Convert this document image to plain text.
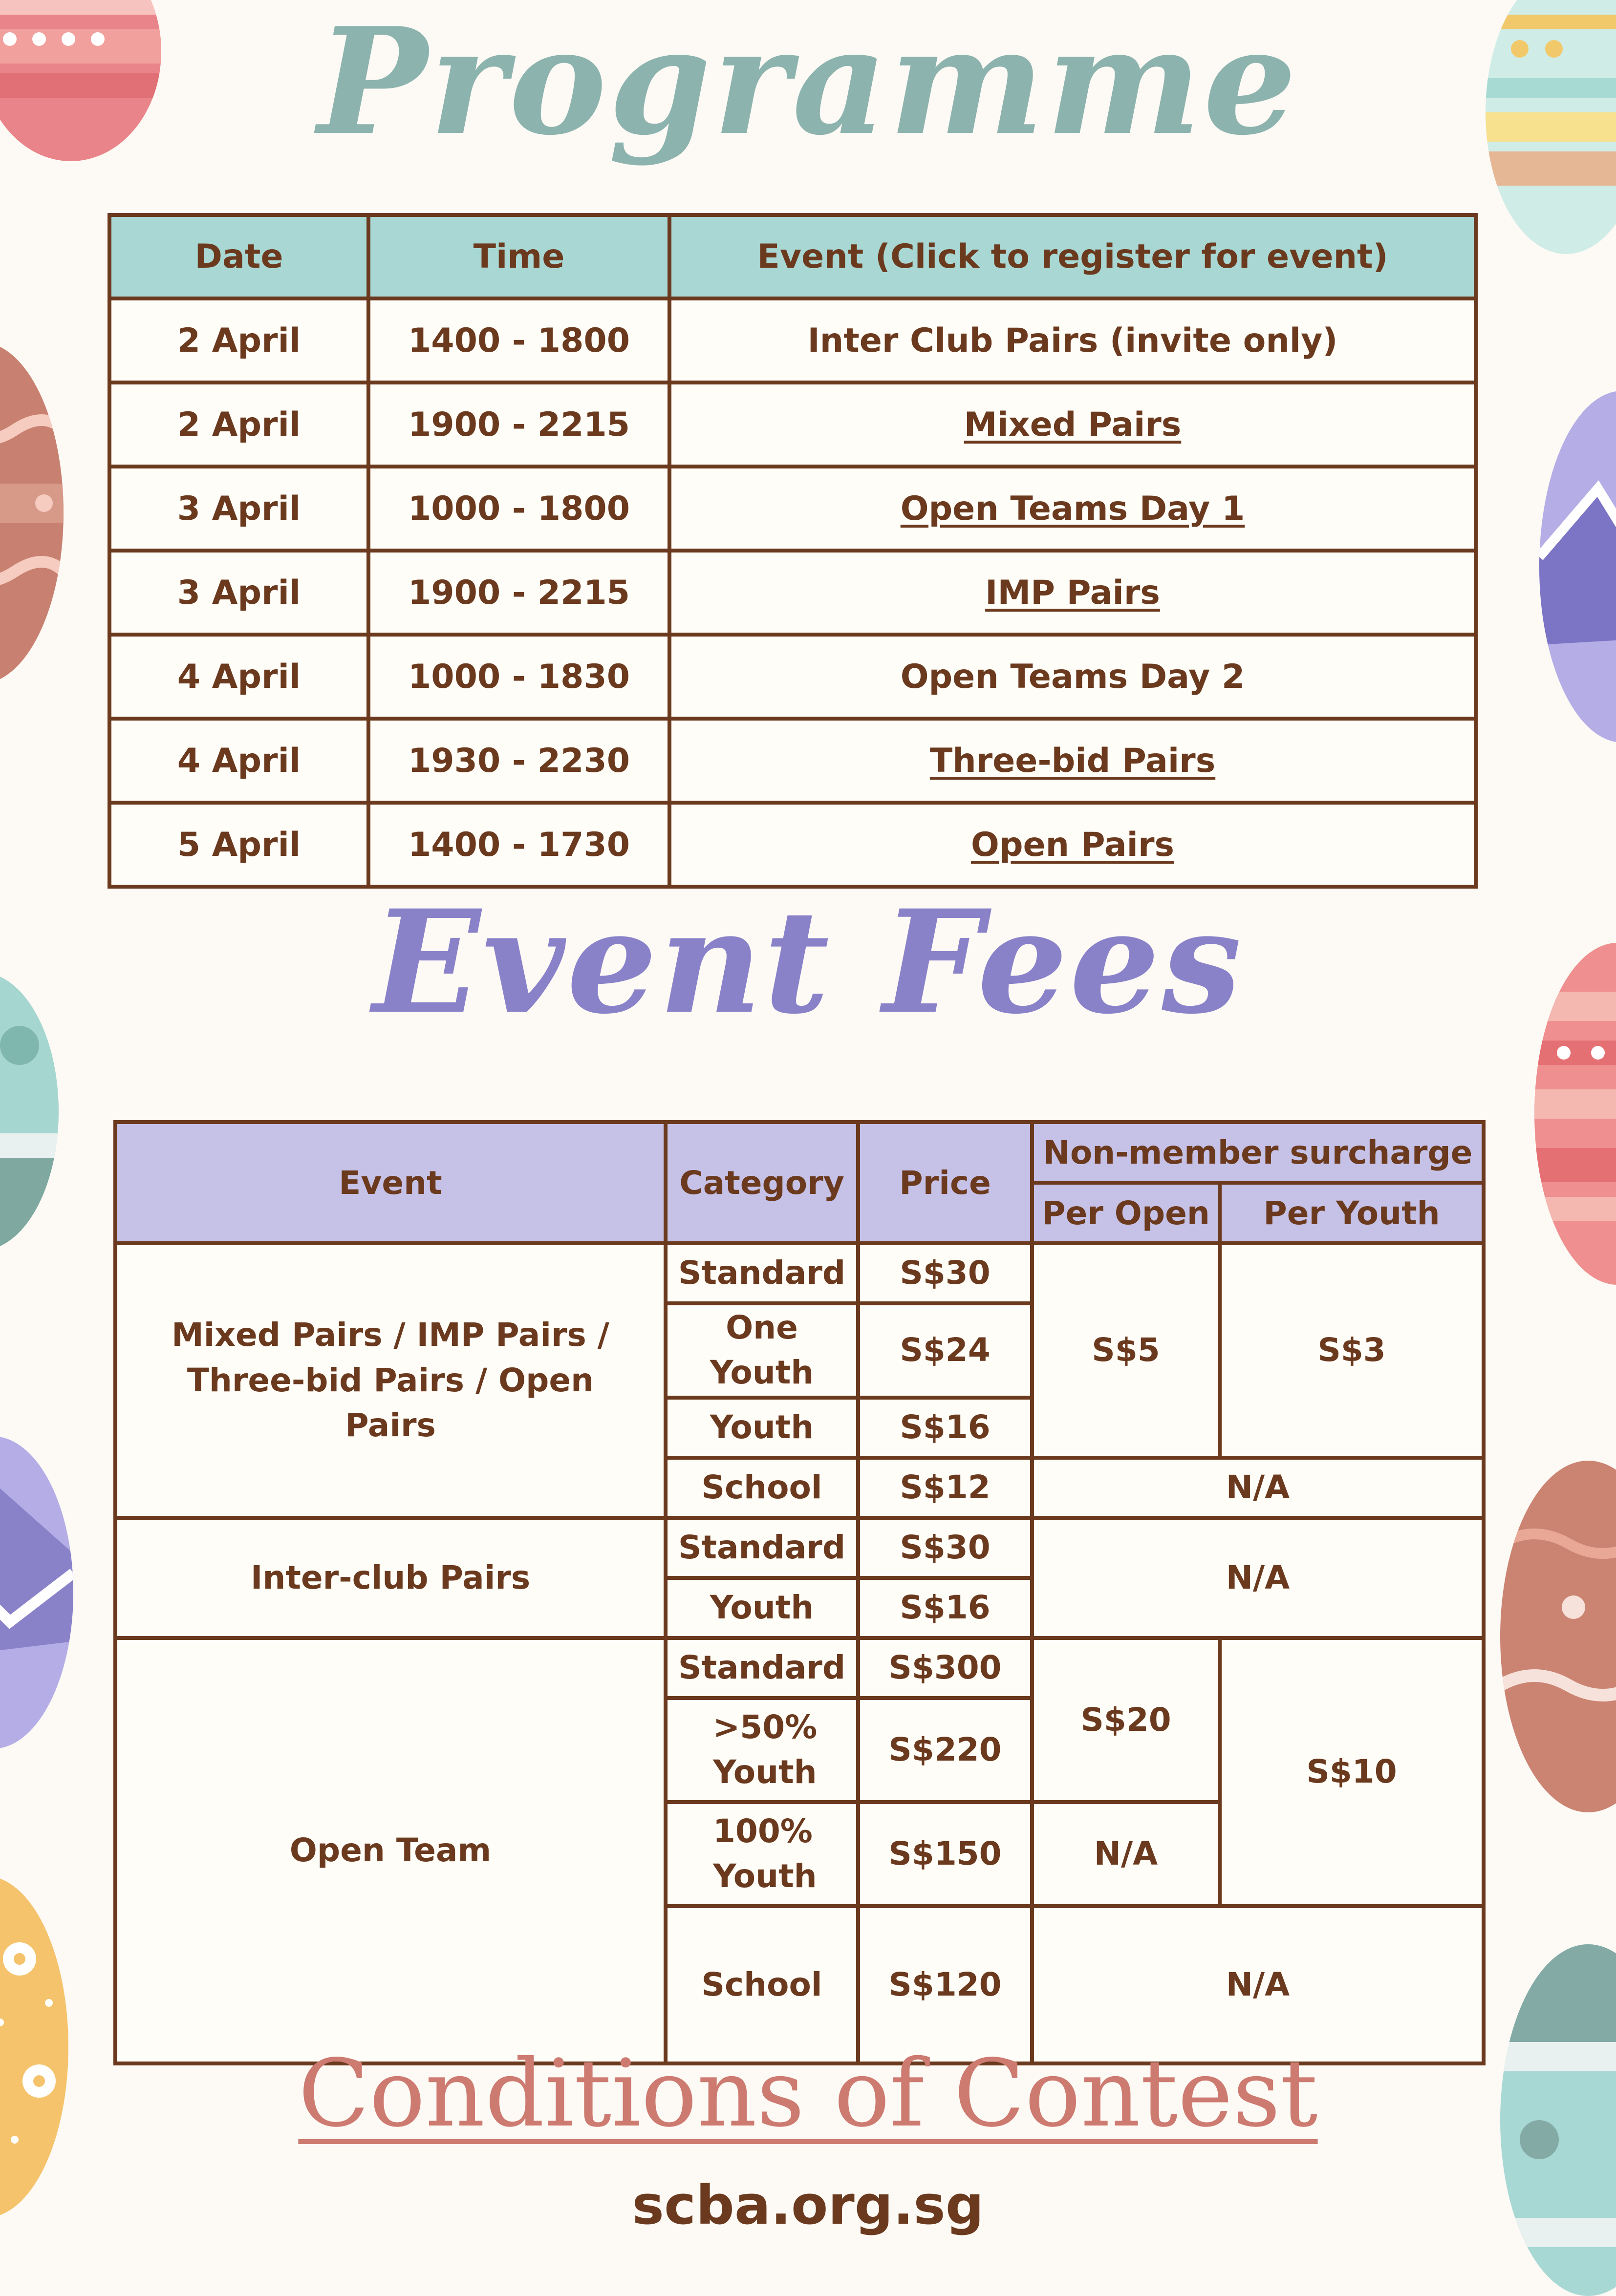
Programme
Date	Time	Event (Click to register for event)
2 April	1400 - 1800	Inter Club Pairs (invite only)
2 April	1900 - 2215	Mixed Pairs
3 April	1000 - 1800	Open Teams Day 1
3 April	1900 - 2215	IMP Pairs
4 April	1000 - 1830	Open Teams Day 2
4 April	1930 - 2230	Three-bid Pairs
5 April	1400 - 1730	Open Pairs
Event Fees
Event	Category	Price	Non-member surcharge	
			Per Open	Per Youth
Mixed Pairs / IMP Pairs / Three-bid Pairs / Open Pairs	Standard	S$30	S$5	S$3
	One Youth	S$24		
	Youth	S$16		
	School	S$12	N/A	
Inter-club Pairs	Standard	S$30	N/A	
	Youth	S$16		
Open Team	Standard	S$300	S$20	S$10
	>50% Youth	S$220		
	100% Youth	S$150	N/A	
	School	S$120	N/A	
Conditions of Contest
scba.org.sg
